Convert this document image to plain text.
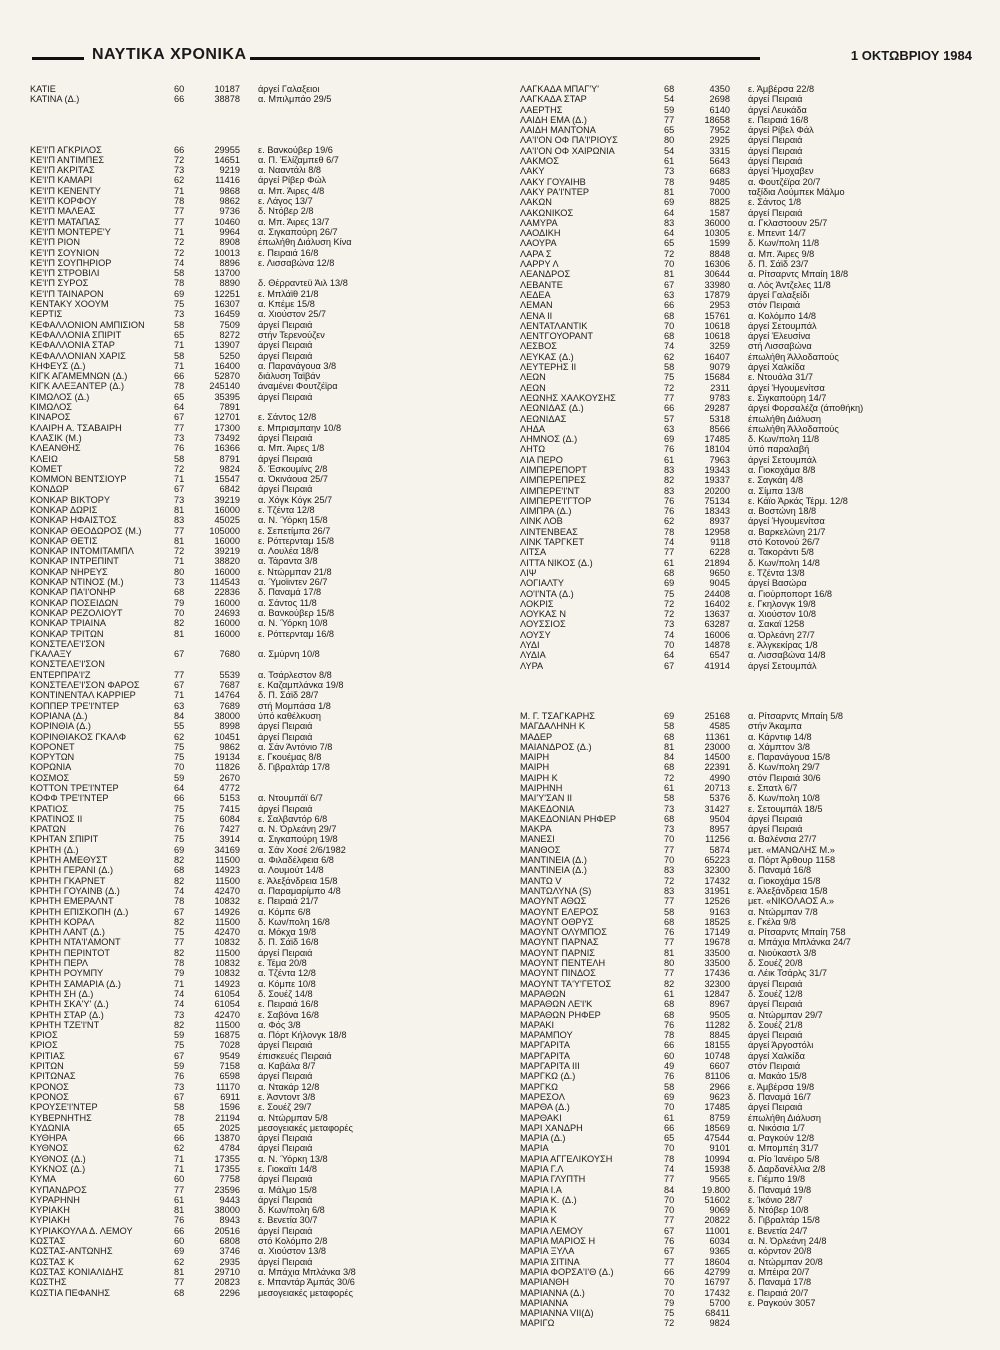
ΝΑΥΤΙΚΑ ΧΡΟΝΙΚΑ	1 ΟΚΤΩΒΡΙΟΥ 1984
ΚΑΤΙΕ	60	10187	άργεί Γαλαξειοι
ΚΑΤΙΝΑ (Δ.)	66	38878	α. Μπιλμπάο 29/5
ΚΕ'Ι'Π ΑΓΚΡΙΛΟΣ	66	29955	ε. Βανκούβερ 19/6
ΚΕ'Ι'Π ΑΝΤΙΜΠΕΣ	72	14651	α. Π. Έλίζαμπεθ 6/7
ΚΕ'Ι'Π ΑΚΡΙΤΑΣ	73	9219	α. Νααντάλι 8/8
ΚΕ'Ι'Π ΚΑΜΑΡΙ	62	11416	άργεί Ρίβερ Φώλ
ΚΕ'Ι'Π ΚΕΝΕΝΤΥ	71	9868	α. Μπ. Άιρες 4/8
ΚΕ'Ι'Π ΚΟΡΦΟΥ	78	9862	ε. Λάγος 13/7
ΚΕ'Ι'Π ΜΑΛΕΑΣ	77	9736	δ. Ντόβερ 2/8
ΚΕ'Ι'Π ΜΑΤΑΠΑΣ	77	10460	α. Μπ. Άιρες 13/7
ΚΕ'Ι'Π ΜΟΝΤΕΡΕ'Υ	71	9964	α. Σιγκαπούρη 26/7
ΚΕ'Ι'Π ΡΙΟΝ	72	8908	έπωλήθη Διάλυση Κίνα
ΚΕ'Ι'Π ΣΟΥΝΙΟΝ	72	10013	ε. Πειραιά 16/8
ΚΕ'Ι'Π ΣΟΥΠΗΡΙΟΡ	74	8896	ε. Λισσαβώνα 12/8
ΚΕ'Ι'Π ΣΤΡΟΒΙΛΙ	58	13700
ΚΕ'Ι'Π ΣΥΡΟΣ	78	8890	δ. Θέρραντεϋ Άιλ 13/8
ΚΕ'Ι'Π ΤΑΙΝΑΡΟΝ	69	12251	ε. Μπλάϊθ 21/8
ΚΕΝΤΑΚΥ ΧΟΟΥΜ	75	16307	α. Κπέμε 15/8
ΚΕΡΤΙΣ	73	16459	α. Χιούστον 25/7
ΚΕΦΑΛΛΟΝΙΟΝ ΑΜΠΙΣΙΟΝ	58	7509	άργεί Πειραιά
ΚΕΦΑΛΛΟΝΙΑ ΣΠΙΡΙΤ	65	8272	στήν Τερενούζεν
ΚΕΦΑΛΛΟΝΙΑ ΣΤΑΡ	71	13907	άργεί Πειραιά
ΚΕΦΑΛΛΟΝΙΑΝ ΧΑΡΙΣ	58	5250	άργεί Πειραιά
ΚΗΦΕΥΣ (Δ.)	71	16400	α. Παρανάγουα 3/8
ΚΙΓΚ ΑΓΑΜΕΜΝΩΝ (Δ.)	66	52870	διάλυση Ταϊβάν
ΚΙΓΚ ΑΛΕΞΑΝΤΕΡ (Δ.)	78	245140	άναμένει Φουτζέϊρα
ΚΙΜΩΛΟΣ (Δ.)	65	35395	άργεί Πειραιά
ΚΙΜΩΛΟΣ	64	7891
ΚΙΝΑΡΟΣ	67	12701	ε. Σάντος 12/8
ΚΛΑΙΡΗ Α. ΤΣΑΒΑΙΡΗ	77	17300	ε. Μπρισμπαην 10/8
ΚΛΑΣΙΚ (Μ.)	73	73492	άργεί Πειραιά
ΚΛΕΑΝΘΗΣ	76	16366	α. Μπ. Άιρες 1/8
ΚΛΕΙΩ	58	8791	άργεί Πειραιά
ΚΟΜΕΤ	72	9824	δ. Έσκουμίνς 2/8
ΚΟΜΜΟΝ ΒΕΝΤΣΙΟΥΡ	71	15547	α. Όκινάουα 25/7
ΚΟΝΔΩΡ	67	6842	άργεί Πειραιά
ΚΟΝΚΑΡ ΒΙΚΤΟΡΥ	73	39219	α. Χόγκ Κόγκ 25/7
ΚΟΝΚΑΡ ΔΩΡΙΣ	81	16000	ε. Τζέντα 12/8
ΚΟΝΚΑΡ ΗΦΑΙΣΤΟΣ	83	45025	α. Ν. Ύόρκη 15/8
ΚΟΝΚΑΡ ΘΕΟΔΩΡΟΣ (Μ.)	77	105000	ε. Σεπετίμπα 26/7
ΚΟΝΚΑΡ ΘΕΤΙΣ	81	16000	ε. Ρόττερνταμ 15/8
ΚΟΝΚΑΡ ΙΝΤΟΜΙΤΑΜΠΛ	72	39219	α. Λουλέα 18/8
ΚΟΝΚΑΡ ΙΝΤΡΕΠΙΝΤ	71	38820	α. Τάραντα 3/8
ΚΟΝΚΑΡ ΝΗΡΕΥΣ	80	16000	ε. Ντώρμπαν 21/8
ΚΟΝΚΑΡ ΝΤΙΝΟΣ (Μ.)	73	114543	α. Ύμοϊιντεν 26/7
ΚΟΝΚΑΡ ΠΑ'Ι'ΟΝΗΡ	68	22836	δ. Παναμά 17/8
ΚΟΝΚΑΡ ΠΟΣΕΙΔΩΝ	79	16000	α. Σάντος 11/8
ΚΟΝΚΑΡ ΡΕΖΟΛΙΟΥΤ	70	24693	α. Βανκούβερ 15/8
ΚΟΝΚΑΡ ΤΡΙΑΙΝΑ	82	16000	α. Ν. Ύόρκη 10/8
ΚΟΝΚΑΡ ΤΡΙΤΩΝ	81	16000	ε. Ρόττερνταμ 16/8
ΚΟΝΣΤΕΛΕ'Ι'ΣΟΝ
ΓΚΑΛΑΞΥ	67	7680	α. Σμύρνη 10/8
ΚΟΝΣΤΕΛΕ'Ι'ΣΟΝ
ΕΝΤΕΡΠΡΑ'Ι'Ζ	77	5539	α. Τσάρλεστον 8/8
ΚΟΝΣΤΕΛΕ'Ι'ΣΟΝ ΦΑΡΟΣ	67	7687	ε. Καζαμπλάνκα 19/8
ΚΟΝΤΙΝΕΝΤΑΛ ΚΑΡΡΙΕΡ	71	14764	δ. Π. Σάϊδ 28/7
ΚΟΠΠΕΡ ΤΡΕ'Ι'ΝΤΕΡ	63	7689	στή Μομπάσα 1/8
ΚΟΡΙΑΝΑ (Δ.)	84	38000	ύπό καθέλκυση
ΚΟΡΙΝΘΙΑ (Δ.)	55	8998	άργεί Πειραιά
ΚΟΡΙΝΘΙΑΚΟΣ ΓΚΑΛΦ	62	10451	άργεί Πειραιά
ΚΟΡΟΝΕΤ	75	9862	α. Σάν Άντόνιο 7/8
ΚΟΡΥΤΩΝ	75	19134	ε. Γκουέμας 8/8
ΚΟΡΩΝΙΑ	70	11826	δ. Γιβραλτάρ 17/8
ΚΟΣΜΟΣ	59	2670
ΚΟΤΤΟΝ ΤΡΕ'Ι'ΝΤΕΡ	64	4772
ΚΟΦΦ ΤΡΕ'Ι'ΝΤΕΡ	66	5153	α. Ντουμπάϊ 6/7
ΚΡΑΤΙΟΣ	75	7415	άργεί Πειραιά
ΚΡΑΤΙΝΟΣ ΙΙ	75	6084	ε. Σαλβαντόρ 6/8
ΚΡΑΤΩΝ	76	7427	α. Ν. Όρλεάνη 29/7
ΚΡΗΤΑΝ ΣΠΙΡΙΤ	75	3914	α. Σιγκαπούρη 19/8
ΚΡΗΤΗ (Δ.)	69	34169	α. Σάν Χοσέ 2/6/1982
ΚΡΗΤΗ ΑΜΕΘΥΣΤ	82	11500	α. Φιλαδέλφεια 6/8
ΚΡΗΤΗ ΓΕΡΑΝΙ (Δ.)	68	14923	α. Λουμούτ 14/8
ΚΡΗΤΗ ΓΚΑΡΝΕΤ	82	11500	ε. Άλεξάνδρεια 15/8
ΚΡΗΤΗ ΓΟΥΑΙΝΒ (Δ.)	74	42470	α. Παραμαρίμπο 4/8
ΚΡΗΤΗ ΕΜΕΡΑΛΝΤ	78	10832	ε. Πειραιά 21/7
ΚΡΗΤΗ ΕΠΙΣΚΟΠΗ (Δ.)	67	14926	α. Κόμπε 6/8
ΚΡΗΤΗ ΚΟΡΑΛ	82	11500	δ. Κων/πολη 16/8
ΚΡΗΤΗ ΛΑΝΤ (Δ.)	75	42470	α. Μόκχα 19/8
ΚΡΗΤΗ ΝΤΑ'Ι'ΑΜΟΝΤ	77	10832	δ. Π. Σάϊδ 16/8
ΚΡΗΤΗ ΠΕΡΙΝΤΟΤ	82	11500	άργεί Πειραιά
ΚΡΗΤΗ ΠΕΡΛ	78	10832	ε. Τέμα 20/8
ΚΡΗΤΗ ΡΟΥΜΠΥ	79	10832	α. Τζέντα 12/8
ΚΡΗΤΗ ΣΑΜΑΡΙΑ (Δ.)	71	14923	α. Κόμπε 10/8
ΚΡΗΤΗ ΣΗ (Δ.)	74	61054	δ. Σουέζ 14/8
ΚΡΗΤΗ ΣΚΑ'Υ' (Δ.)	74	61054	ε. Πειραιά 16/8
ΚΡΗΤΗ ΣΤΑΡ (Δ.)	73	42470	ε. Σαβόνα 16/8
ΚΡΗΤΗ ΤΖΕ'Ι'ΝΤ	82	11500	α. Φός 3/8
ΚΡΙΟΣ	59	16875	α. Πόρτ Κήλονγκ 18/8
ΚΡΙΟΣ	75	7028	άργεί Πειραιά
ΚΡΙΤΙΑΣ	67	9549	έπισκευές Πειραιά
ΚΡΙΤΩΝ	59	7158	α. Καβάλα 8/7
ΚΡΙΤΩΝΑΣ	76	6598	άργεί Πειραιά
ΚΡΟΝΟΣ	73	11170	α. Ντακάρ 12/8
ΚΡΟΝΟΣ	67	6911	ε. Άσντοντ 3/8
ΚΡΟΥΣΕ'Ι'ΝΤΕΡ	58	1596	ε. Σουέζ 29/7
ΚΥΒΕΡΝΗΤΗΣ	78	21194	α. Ντώρμπαν 5/8
ΚΥΔΩΝΙΑ	65	2025	μεσογειακές μεταφορές
ΚΥΘΗΡΑ	66	13870	άργεί Πειραιά
ΚΥΘΝΟΣ	62	4784	άργεί Πειραιά
ΚΥΘΝΟΣ (Δ.)	71	17355	α. Ν. Ύόρκη 13/8
ΚΥΚΝΟΣ (Δ.)	71	17355	ε. Γιοκαϊτι 14/8
ΚΥΜΑ	60	7758	άργεί Πειραιά
ΚΥΠΑΝΔΡΟΣ	77	23596	α. Μάλμο 15/8
ΚΥΡΑΡΗΝΗ	61	9443	άργεί Πειραιά
ΚΥΡΙΑΚΗ	81	38000	δ. Κων/πολη 6/8
ΚΥΡΙΑΚΗ	76	8943	ε. Βενετία 30/7
ΚΥΡΙΑΚΟΥΛΑ Δ. ΛΕΜΟΥ	66	20516	άργεί Πειραιά
ΚΩΣΤΑΣ	60	6808	στό Κολόμπο 2/8
ΚΩΣΤΑΣ-ΑΝΤΩΝΗΣ	69	3746	α. Χιούστον 13/8
ΚΩΣΤΑΣ Κ	62	2935	άργεί Πειραιά
ΚΩΣΤΑΣ ΚΟΝΙΑΛΙΔΗΣ	81	29710	α. Μπάχια Μπλάνκα 3/8
ΚΩΣΤΗΣ	77	20823	ε. Μπαντάρ Άμπάς 30/6
ΚΩΣΤΙΑ ΠΕΦΑΝΗΣ	68	2296	μεσογειακές μεταφορές
ΛΑΓΚΑΔΑ ΜΠΑΓ'Υ'	68	4350	ε. Άμβέρσα 22/8
ΛΑΓΚΑΔΑ ΣΤΑΡ	54	2698	άργεί Πειραιά
ΛΑΕΡΤΗΣ	59	6140	άργεί Λευκάδα
ΛΑΙΔΗ ΕΜΑ (Δ.)	77	18658	ε. Πειραιά 16/8
ΛΑΙΔΗ ΜΑΝΤΟΝΑ	65	7952	άργεί Ρίβελ Φάλ
ΛΑ'Ι'ΟΝ ΟΦ ΠΑ'Ι'ΡΙΟΥΣ	80	2925	άργεί Πειραιά
ΛΑ'Ι'ΟΝ ΟΦ ΧΑΙΡΩΝΙΑ	54	3315	άργεί Πειραιά
ΛΑΚΜΟΣ	61	5643	άργεί Πειραιά
ΛΑΚΥ	73	6683	άργεί Ήμοχαβεν
ΛΑΚΥ ΓΟΥΑΙΗΒ	78	9485	α. Φουτζέϊρα 20/7
ΛΑΚΥ ΡΑ'Ι'ΝΤΕΡ	81	7000	ταξίδια Λούμπεκ Μάλμο
ΛΑΚΩΝ	69	8825	ε. Σάντος 1/8
ΛΑΚΩΝΙΚΟΣ	64	1587	άργεί Πειραιά
ΛΑΜΥΡΑ	83	36000	α. Γκλαστοουν 25/7
ΛΑΟΔΙΚΗ	64	10305	ε. Μπενιτ 14/7
ΛΑΟΥΡΑ	65	1599	δ. Κων/πολη 11/8
ΛΑΡΑ Σ	72	8848	α. Μπ. Άιρες 9/8
ΛΑΡΡΥ Λ	70	16306	δ. Π. Σάϊδ 23/7
ΛΕΑΝΔΡΟΣ	81	30644	α. Ρίτσαρντς Μπαίη 18/8
ΛΕΒΑΝΤΕ	67	33980	α. Λός Άντζελες 11/8
ΛΕΔΕΑ	63	17879	άργεί Γαλαξείδι
ΛΕΜΑΝ	66	2953	στόν Πειραιά
ΛΕΝΑ ΙΙ	68	15761	α. Κολόμπο 14/8
ΛΕΝΤΑΤΛΑΝΤΙΚ	70	10618	άργεί Σετουμπάλ
ΛΕΝΤΓΟΥΟΡΑΝΤ	68	10618	άργεί Έλευσίνα
ΛΕΣΒΟΣ	74	3259	στή Λισσαβώνα
ΛΕΥΚΑΣ (Δ.)	62	16407	έπωλήθη Άλλοδαπούς
ΛΕΥΤΕΡΗΣ ΙΙ	58	9079	άργεί Χαλκίδα
ΛΕΩΝ	75	15684	ε. Ντουάλα 31/7
ΛΕΩΝ	72	2311	άργεί Ήγουμενίτσα
ΛΕΩΝΗΣ ΧΑΛΚΟΥΣΗΣ	77	9783	ε. Σιγκαπούρη 14/7
ΛΕΩΝΙΔΑΣ (Δ.)	66	29287	άργεί Φορσαλέζα (άποθήκη)
ΛΕΩΝΙΔΑΣ	57	5318	έπωλήθη Διάλυση
ΛΗΔΑ	63	8566	έπωλήθη Άλλοδαπούς
ΛΗΜΝΟΣ (Δ.)	69	17485	δ. Κων/πολη 11/8
ΛΗΤΩ	76	18104	ύπό παραλαβή
ΛΙΑ ΠΕΡΟ	61	7963	άργεί Σετουμπάλ
ΛΙΜΠΕΡΕΠΟΡΤ	83	19343	α. Γιοκοχάμα 8/8
ΛΙΜΠΕΡΕΠΡΕΣ	82	19337	ε. Σαγκάη 4/8
ΛΙΜΠΕΡΕ'Ι'ΝΤ	83	20200	α. Σίμπα 13/8
ΛΙΜΠΕΡΕ'Ι'ΓΤΟΡ	76	75134	ε. Κάϊο Άρκάς Τέρμ. 12/8
ΛΙΜΠΡΑ (Δ.)	76	18343	α. Βοστώνη 18/8
ΛΙΝΚ ΛΟΒ	62	8937	άργεί Ήγουμενίτσα
ΛΙΝΤΕΝΒΕΑΣ	78	12958	α. Βαρκελώνη 21/7
ΛΙΝΚ ΤΑΡΓΚΕΤ	74	9118	στό Κοτονού 26/7
ΛΙΤΣΑ	77	6228	α. Τακοράντι 5/8
ΛΙΤΤΑ ΝΙΚΟΣ (Δ.)	61	21894	δ. Κων/πολη 14/8
ΛΙΨ	68	9650	ε. Τζέντα 13/8
ΛΟΓΙΑΛΤΥ	69	9045	άργεί Βασώρα
ΛΟ'Ι'ΝΤΑ (Δ.)	75	24408	α. Γιούρποπορτ 16/8
ΛΟΚΡΙΣ	72	16402	ε. Γκηλονγκ 19/8
ΛΟΥΚΑΣ Ν	72	13637	α. Χιούστον 10/8
ΛΟΥΣΣΙΟΣ	73	63287	α. Σακαϊ 1258
ΛΟΥΣΥ	74	16006	α. Όρλεάνη 27/7
ΛΥΔΙ	70	14878	ε. Άλγκεκίρας 1/8
ΛΥΔΙΑ	64	6547	α. Λισσαβώνα 14/8
ΛΥΡΑ	67	41914	άργεί Σετουμπάλ
Μ. Γ. ΤΣΑΓΚΑΡΗΣ	69	25168	α. Ρίτσαρντς Μπαίη 5/8
ΜΑΓΔΑΛΗΝΗ Κ	58	4585	στήν Άκαμπα
ΜΑΔΕΡ	68	11361	α. Κάρντιφ 14/8
ΜΑΙΑΝΔΡΟΣ (Δ.)	81	23000	α. Χάμπτον 3/8
ΜΑΙΡΗ	84	14500	ε. Παρανάγουα 15/8
ΜΑΙΡΗ	68	22391	δ. Κων/πολη 29/7
ΜΑΙΡΗ Κ	72	4990	στόν Πειραιά 30/6
ΜΑΙΡΗΝΗ	61	20713	ε. Σπατλ 6/7
ΜΑΙ'Υ'ΣΑΝ ΙΙ	58	5376	δ. Κων/πολη 10/8
ΜΑΚΕΔΟΝΙΑ	73	31427	ε. Σετουμπάλ 18/5
ΜΑΚΕΔΟΝΙΑΝ ΡΗΦΕΡ	68	9504	άργεί Πειραιά
ΜΑΚΡΑ	73	8957	άργεί Πειραιά
ΜΑΝΕΣΙ	70	11256	α. Βαλένσια 27/7
ΜΑΝΘΟΣ	77	5874	μετ. «ΜΑΝΩΛΗΣ Μ.»
ΜΑΝΤΙΝΕΙΑ (Δ.)	70	65223	α. Πόρτ Άρθουρ 1158
ΜΑΝΤΙΝΕΙΑ (Δ.)	83	32300	δ. Παναμά 16/8
ΜΑΝΤΩ V	72	17432	α. Γιοκοχάμα 15/8
ΜΑΝΤΩΛΥΝΑ (S)	83	31951	ε. Άλεξάνδρεια 15/8
ΜΑΟΥΝΤ ΑΘΩΣ	77	12526	μετ. «ΝΙΚΟΛΑΟΣ Α.»
ΜΑΟΥΝΤ ΕΛΕΡΟΣ	58	9163	α. Ντώρμπαν 7/8
ΜΑΟΥΝΤ ΟΘΡΥΣ	68	18525	ε. Γκέλα 9/8
ΜΑΟΥΝΤ ΟΛΥΜΠΟΣ	76	17149	α. Ρίτσαρντς Μπαίη 758
ΜΑΟΥΝΤ ΠΑΡΝΑΣ	77	19678	α. Μπάχια Μπλάνκα 24/7
ΜΑΟΥΝΤ ΠΑΡΝΙΣ	81	33500	α. Νιούκαστλ 3/8
ΜΑΟΥΝΤ ΠΕΝΤΕΛΗ	80	33500	δ. Σουέζ 20/8
ΜΑΟΥΝΤ ΠΙΝΔΟΣ	77	17436	α. Λέικ Τσάρλς 31/7
ΜΑΟΥΝΤ ΤΑ'Υ'ΓΕΤΟΣ	82	32300	άργεί Πειραιά
ΜΑΡΑΘΩΝ	61	12847	δ. Σουέζ 12/8
ΜΑΡΑΘΩΝ ΛΕ'Ι'Κ	68	8967	άργεί Πειραιά
ΜΑΡΑΘΩΝ ΡΗΦΕΡ	68	9505	α. Ντώρμπαν 29/7
ΜΑΡΑΚΙ	76	11282	δ. Σουέζ 21/8
ΜΑΡΑΜΠΟΥ	78	8845	άργεί Πειραιά
ΜΑΡΓΑΡΙΤΑ	66	18155	άργεί Άργοστόλι
ΜΑΡΓΑΡΙΤΑ	60	10748	άργεί Χαλκίδα
ΜΑΡΓΑΡΙΤΑ ΙΙΙ	49	6607	στόν Πειραιά
ΜΑΡΓΚΩ (Δ.)	76	81106	α. Μακάο 15/8
ΜΑΡΓΚΩ	58	2966	ε. Άμβέρσα 19/8
ΜΑΡΕΣΟΛ	69	9623	δ. Παναμά 16/7
ΜΑΡΘΑ (Δ.)	70	17485	άργεί Πειραιά
ΜΑΡΘΑΚΙ	61	8759	έπωλήθη Διάλυση
ΜΑΡΙ ΧΑΝΔΡΗ	66	18569	α. Νικόσια 1/7
ΜΑΡΙΑ (Δ.)	65	47544	α. Ραγκούν 12/8
ΜΑΡΙΑ	70	9101	α. Μπομπέη 31/7
ΜΑΡΙΑ ΑΓΓΕΛΙΚΟΥΣΗ	78	10994	α. Ρίο Ίανέιρο 5/8
ΜΑΡΙΑ Γ.Λ	74	15938	δ. Δαρδανέλλια 2/8
ΜΑΡΙΑ ΓΛΥΠΤΗ	77	9565	ε. Γιέμπο 19/8
ΜΑΡΙΑ Ι.Α	84	19.800	δ. Παναμά 19/8
ΜΑΡΙΑ Κ. (Δ.)	70	51602	ε. Ίκόνιο 28/7
ΜΑΡΙΑ Κ	70	9069	δ. Ντόβερ 10/8
ΜΑΡΙΑ Κ	77	20822	δ. Γιβραλτάρ 15/8
ΜΑΡΙΑ ΛΕΜΟΥ	67	11001	ε. Βενετία 24/7
ΜΑΡΙΑ ΜΑΡΙΟΣ Η	76	6034	α. Ν. Όρλεάνη 24/8
ΜΑΡΙΑ ΞΥΛΑ	67	9365	α. κόρντον 20/8
ΜΑΡΙΑ ΣΙΤΙΝΑ	77	18604	α. Ντώρμπαν 20/8
ΜΑΡΙΑ ΦΟΡΣΑ'Ι'Θ (Δ.)	66	42799	α. Μπέιρα 20/7
ΜΑΡΙΑΝΘΗ	70	16797	δ. Παναμά 17/8
ΜΑΡΙΑΝΝΑ (Δ.)	70	17432	ε. Πειραιά 20/7
ΜΑΡΙΑΝΝΑ	79	5700	ε. Ραγκούν 3057
ΜΑΡΙΑΝΝΑ VII(Δ)	75	68411
ΜΑΡΙΓΩ	72	9824
